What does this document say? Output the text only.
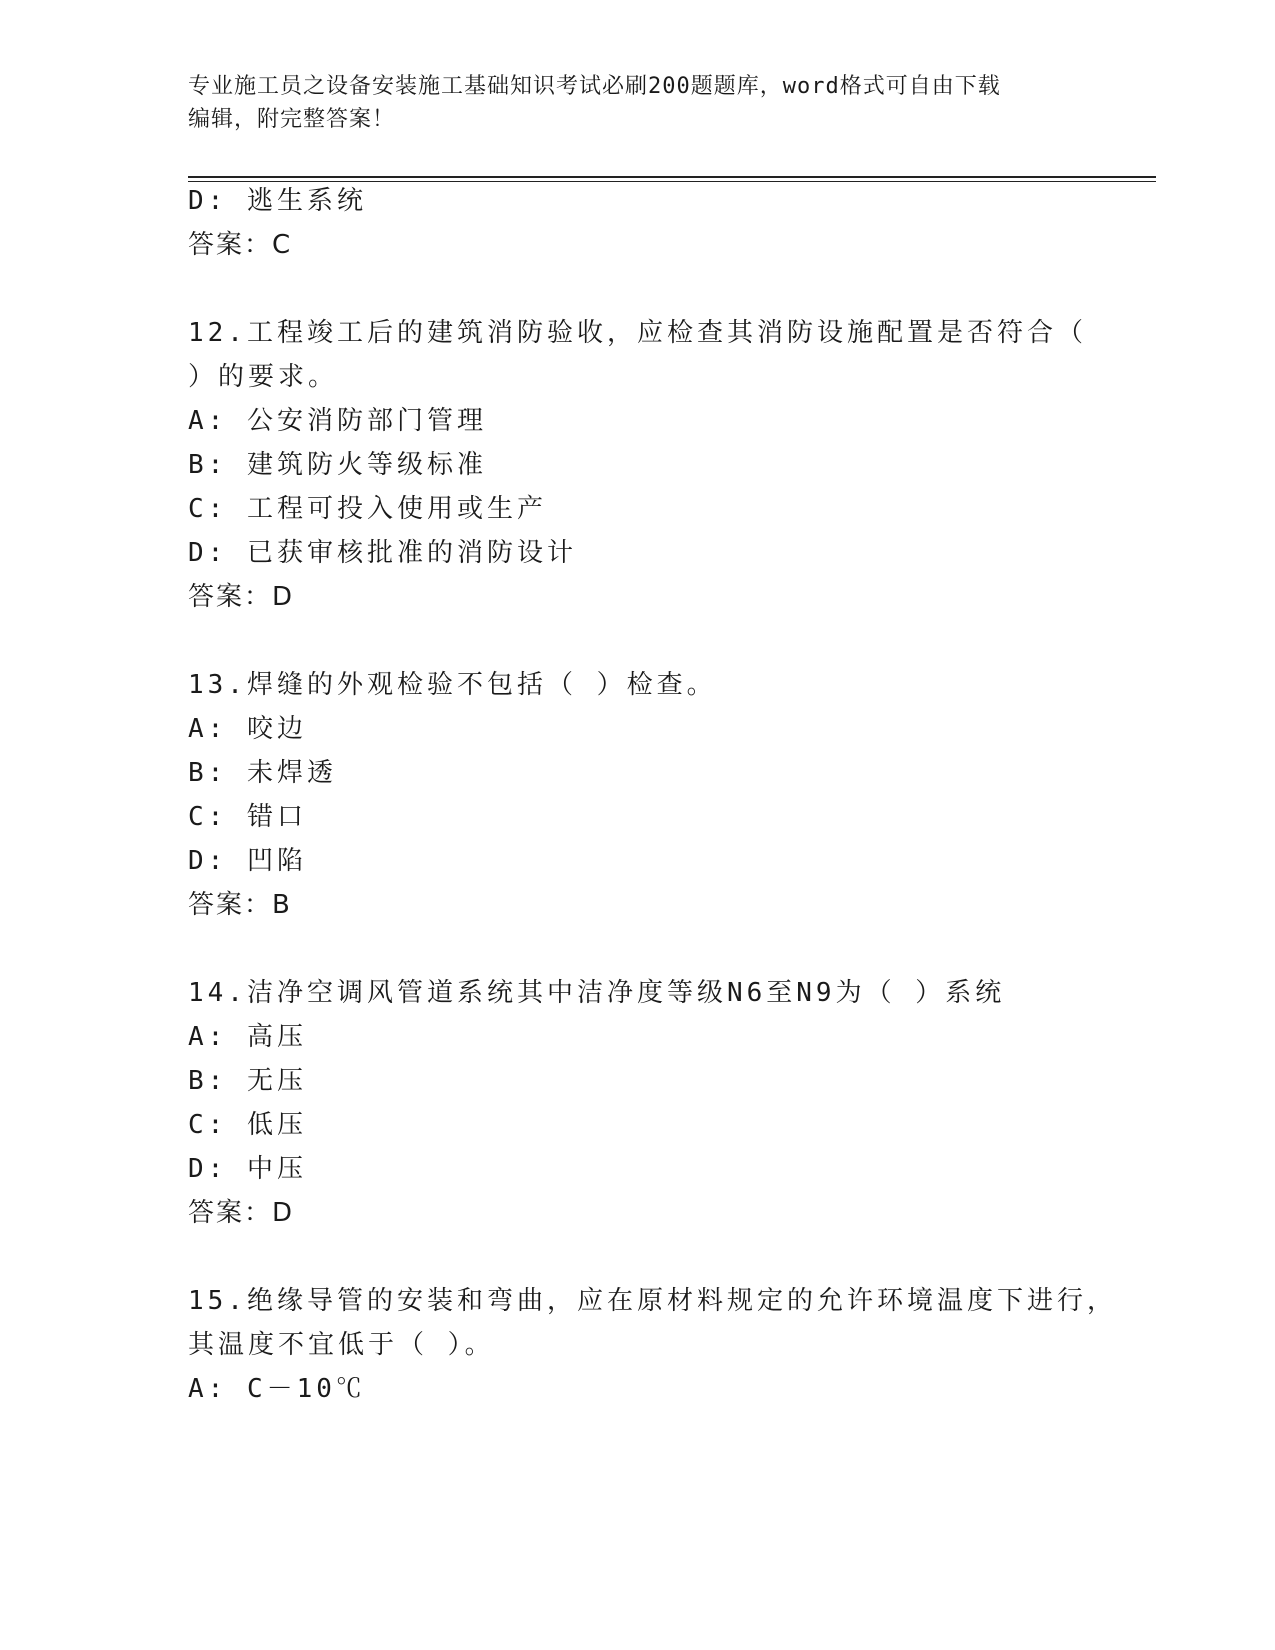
专业施工员之设备安装施工基础知识考试必刷200题题库，word格式可自由下载
编辑，附完整答案！
D: 逃生系统
答案：C
12.工程竣工后的建筑消防验收，应检查其消防设施配置是否符合（
）的要求。
A: 公安消防部门管理
B: 建筑防火等级标准
C: 工程可投入使用或生产
D: 已获审核批准的消防设计
答案：D
13.焊缝的外观检验不包括（ ）检查。
A: 咬边
B: 未焊透
C: 错口
D: 凹陷
答案：B
14.洁净空调风管道系统其中洁净度等级N6至N9为（ ）系统
A: 高压
B: 无压
C: 低压
D: 中压
答案：D
15.绝缘导管的安装和弯曲，应在原材料规定的允许环境温度下进行，
其温度不宜低于（ ）。
A: C－10℃
